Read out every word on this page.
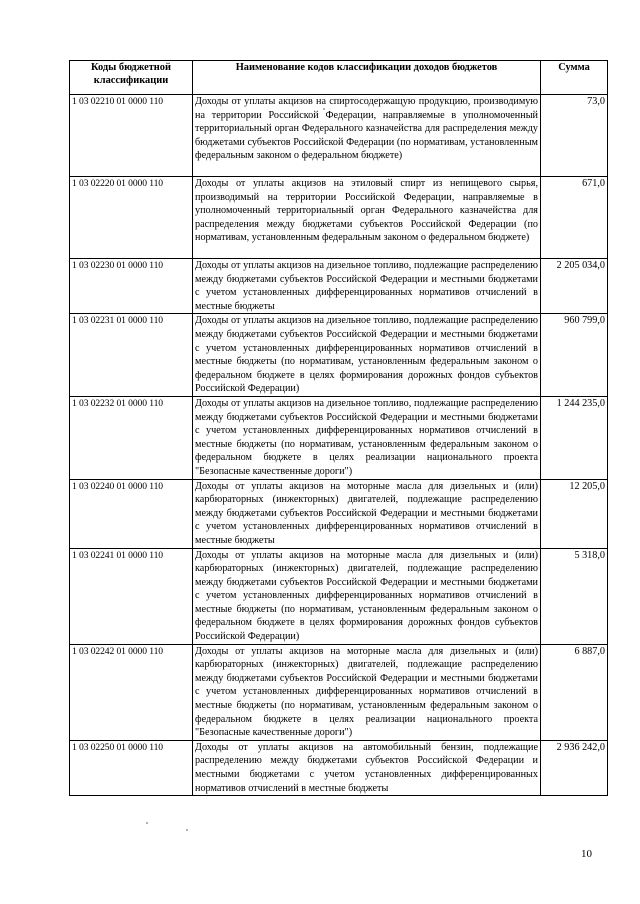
Коды бюджетной классификации	Наименование кодов классификации доходов бюджетов	Сумма
1 03 02210 01 0000 110	Доходы от уплаты акцизов на спиртосодержащую продукцию, производимую на территории Российской Федерации, направляемые в уполномоченный территориальный орган Федерального казначейства для распределения между бюджетами субъектов Российской Федерации (по нормативам, установленным федеральным законом о федеральном бюджете)	73,0
1 03 02220 01 0000 110	Доходы от уплаты акцизов на этиловый спирт из непищевого сырья, производимый на территории Российской Федерации, направляемые в уполномоченный территориальный орган Федерального казначейства для распределения между бюджетами субъектов Российской Федерации (по нормативам, установленным федеральным законом о федеральном бюджете)	671,0
1 03 02230 01 0000 110	Доходы от уплаты акцизов на дизельное топливо, подлежащие распределению между бюджетами субъектов Российской Федерации и местными бюджетами с учетом установленных дифференцированных нормативов отчислений в местные бюджеты	2 205 034,0
1 03 02231 01 0000 110	Доходы от уплаты акцизов на дизельное топливо, подлежащие распределению между бюджетами субъектов Российской Федерации и местными бюджетами с учетом установленных дифференцированных нормативов отчислений в местные бюджеты (по нормативам, установленным федеральным законом о федеральном бюджете в целях формирования дорожных фондов субъектов Российской Федерации)	960 799,0
1 03 02232 01 0000 110	Доходы от уплаты акцизов на дизельное топливо, подлежащие распределению между бюджетами субъектов Российской Федерации и местными бюджетами с учетом установленных дифференцированных нормативов отчислений в местные бюджеты (по нормативам, установленным федеральным законом о федеральном бюджете в целях реализации национального проекта "Безопасные качественные дороги")	1 244 235,0
1 03 02240 01 0000 110	Доходы от уплаты акцизов на моторные масла для дизельных и (или) карбюраторных (инжекторных) двигателей, подлежащие распределению между бюджетами субъектов Российской Федерации и местными бюджетами с учетом установленных дифференцированных нормативов отчислений в местные бюджеты	12 205,0
1 03 02241 01 0000 110	Доходы от уплаты акцизов на моторные масла для дизельных и (или) карбюраторных (инжекторных) двигателей, подлежащие распределению между бюджетами субъектов Российской Федерации и местными бюджетами с учетом установленных дифференцированных нормативов отчислений в местные бюджеты (по нормативам, установленным федеральным законом о федеральном бюджете в целях формирования дорожных фондов субъектов Российской Федерации)	5 318,0
1 03 02242 01 0000 110	Доходы от уплаты акцизов на моторные масла для дизельных и (или) карбюраторных (инжекторных) двигателей, подлежащие распределению между бюджетами субъектов Российской Федерации и местными бюджетами с учетом установленных дифференцированных нормативов отчислений в местные бюджеты (по нормативам, установленным федеральным законом о федеральном бюджете в целях реализации национального проекта "Безопасные качественные дороги")	6 887,0
1 03 02250 01 0000 110	Доходы от уплаты акцизов на автомобильный бензин, подлежащие распределению между бюджетами субъектов Российской Федерации и местными бюджетами с учетом установленных дифференцированных нормативов отчислений в местные бюджеты	2 936 242,0
10
